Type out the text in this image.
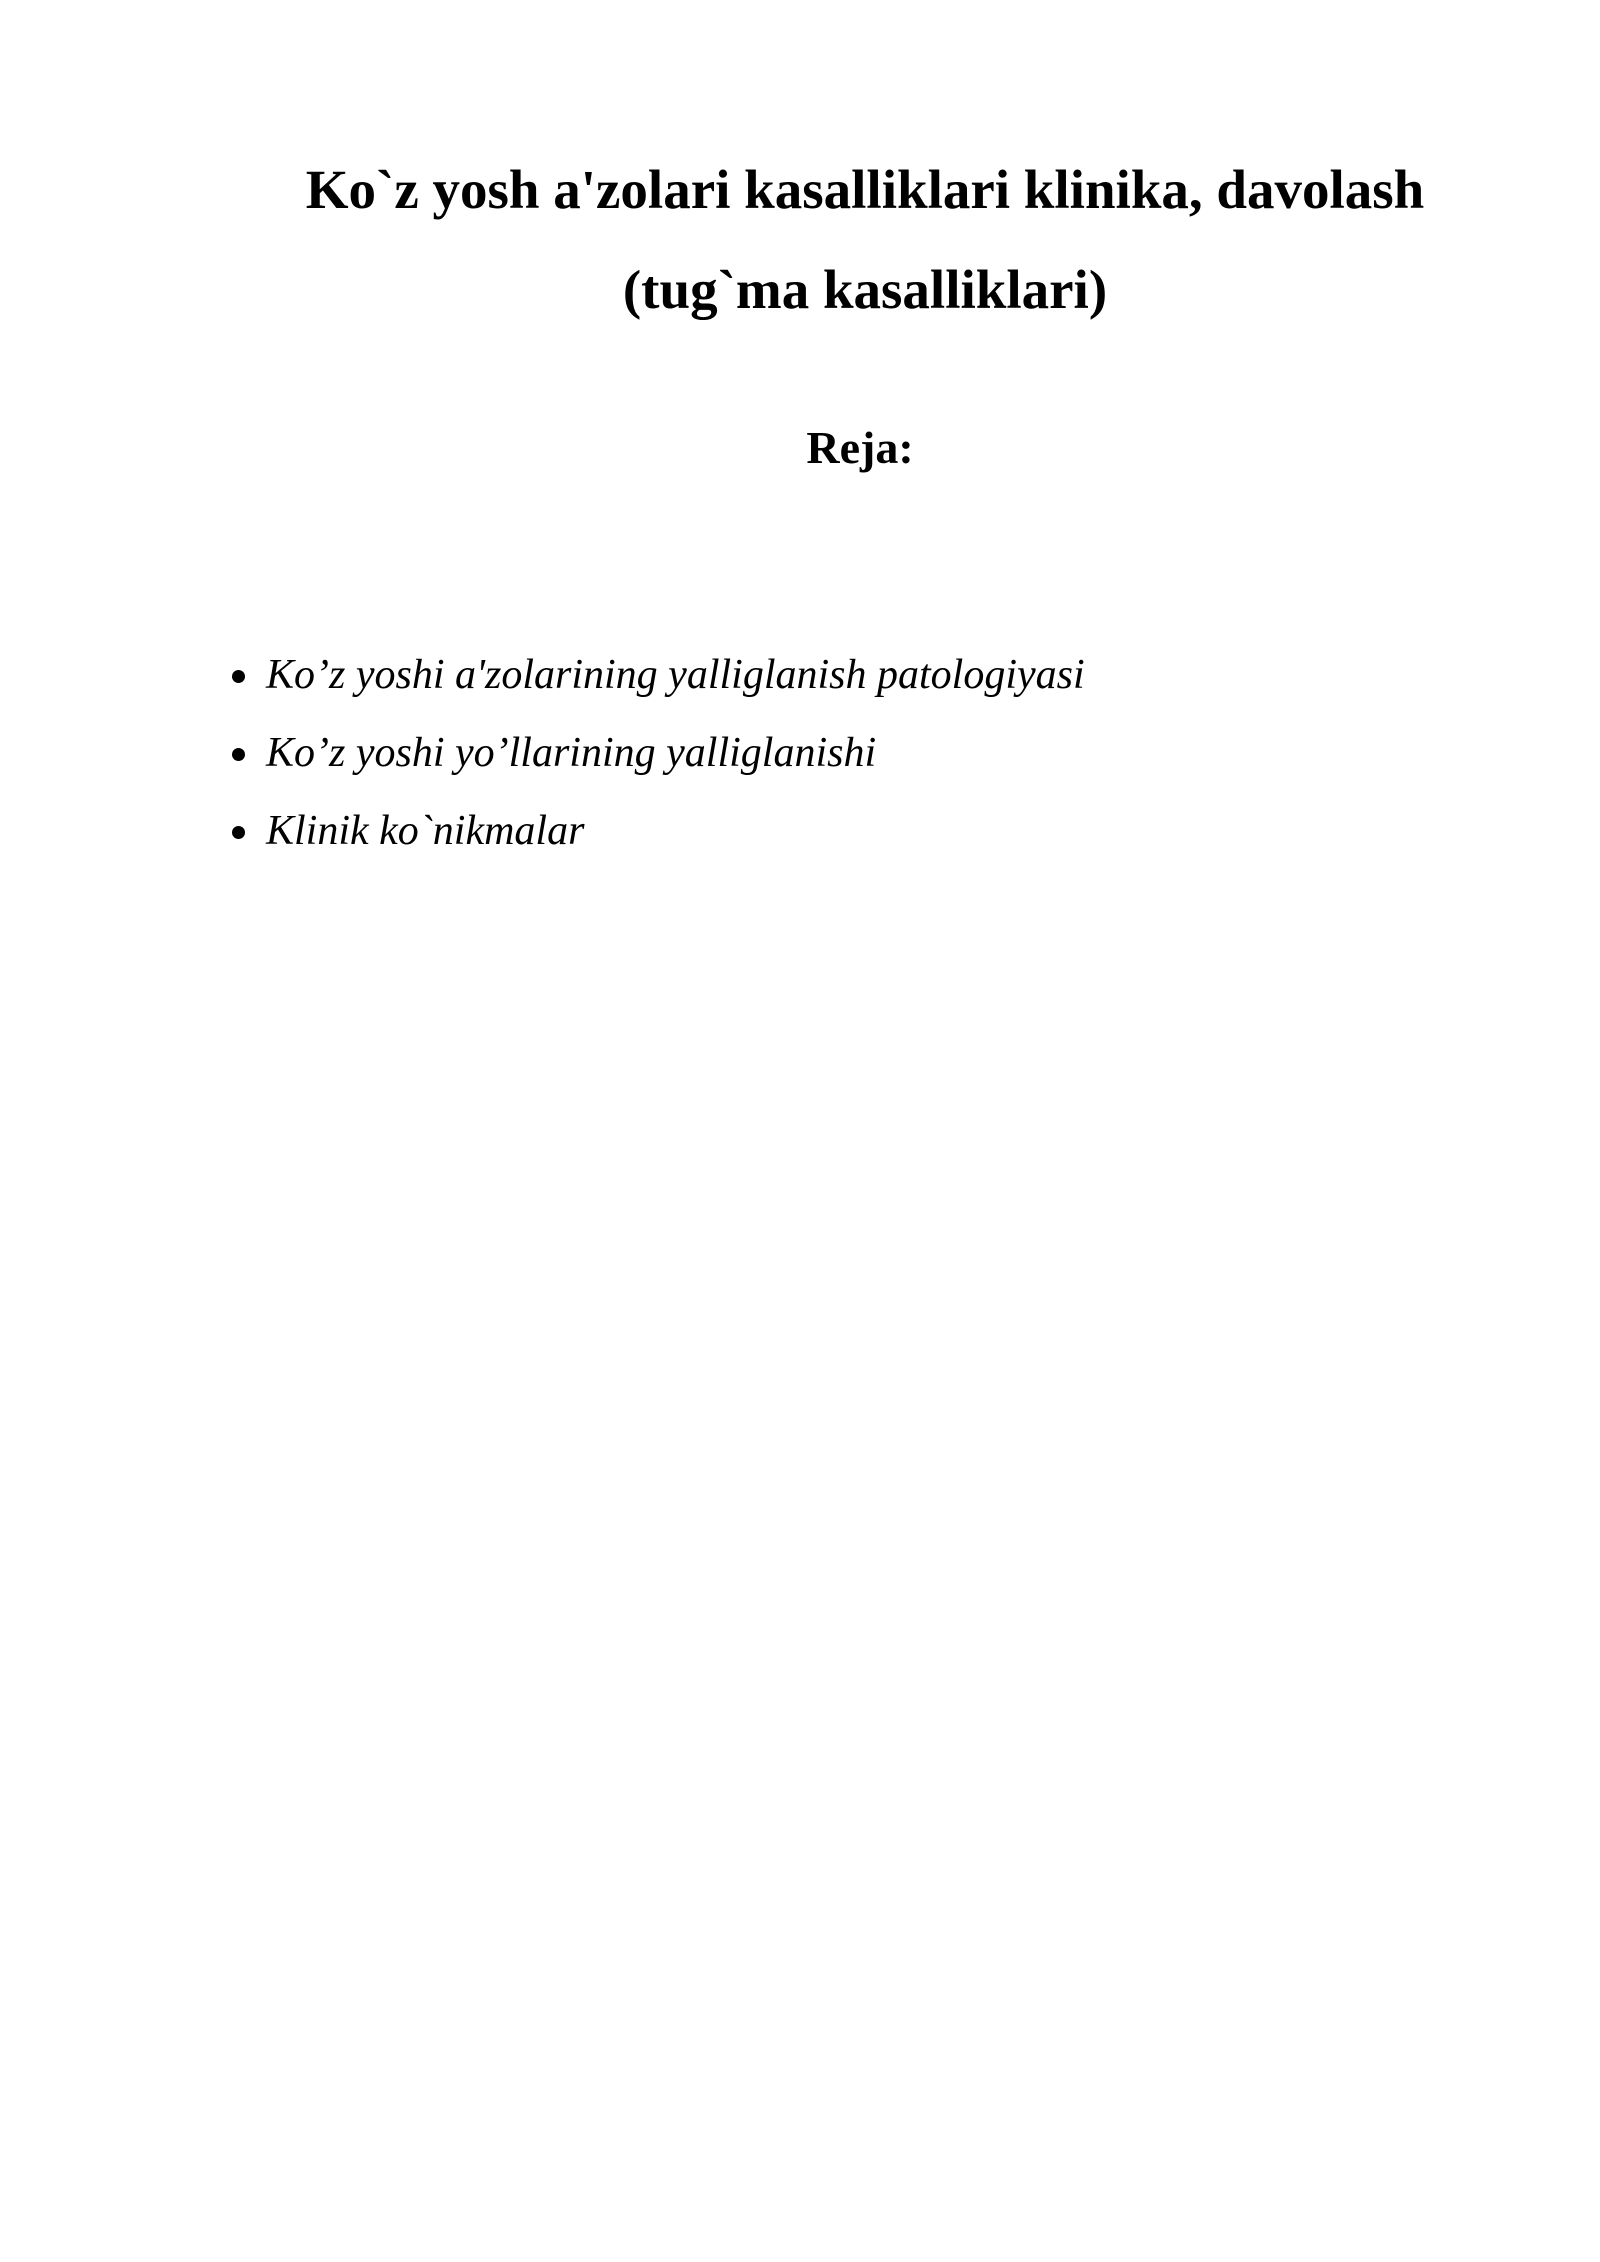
Ko`z yosh a'zolari kasalliklari klinika, davolash
(tug`ma kasalliklari)
Reja:
Ko’z yoshi a'zolarining yalliglanish patologiyasi
Ko’z yoshi yo’llarining yalliglanishi
Klinik ko`nikmalar
